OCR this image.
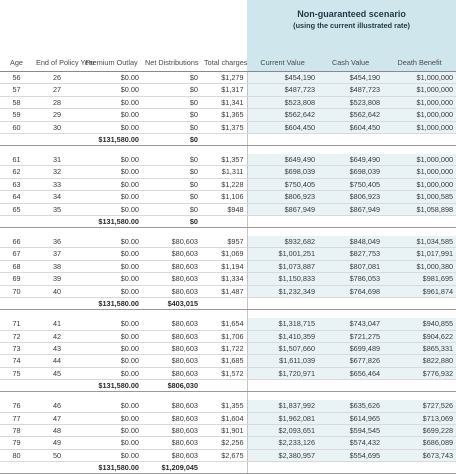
					Non-guaranteed scenario
(using the current illustrated rate)		

Age	End of Policy Year	Premium Outlay	Net Distributions	Total charges	Current Value	Cash Value	Death Benefit
56	26	$0.00	$0	$1,279	$454,190	$454,190	$1,000,000
57	27	$0.00	$0	$1,317	$487,723	$487,723	$1,000,000
58	28	$0.00	$0	$1,341	$523,808	$523,808	$1,000,000
59	29	$0.00	$0	$1,365	$562,642	$562,642	$1,000,000
60	30	$0.00	$0	$1,375	$604,450	$604,450	$1,000,000
		$131,580.00	$0				

61	31	$0.00	$0	$1,357	$649,490	$649,490	$1,000,000
62	32	$0.00	$0	$1,311	$698,039	$698,039	$1,000,000
63	33	$0.00	$0	$1,228	$750,405	$750,405	$1,000,000
64	34	$0.00	$0	$1,106	$806,923	$806,923	$1,000,585
65	35	$0.00	$0	$948	$867,949	$867,949	$1,058,898
		$131,580.00	$0				

66	36	$0.00	$80,603	$957	$932,682	$848,049	$1,034,585
67	37	$0.00	$80,603	$1,069	$1,001,251	$827,753	$1,017,991
68	38	$0.00	$80,603	$1,194	$1,073,887	$807,081	$1,000,380
69	39	$0.00	$80,603	$1,334	$1,150,833	$786,053	$981,695
70	40	$0.00	$80,603	$1,487	$1,232,349	$764,698	$961,874
		$131,580.00	$403,015				

71	41	$0.00	$80,603	$1,654	$1,318,715	$743,047	$940,855
72	42	$0.00	$80,603	$1,706	$1,410,359	$721,275	$904,622
73	43	$0.00	$80,603	$1,722	$1,507,660	$699,489	$865,331
74	44	$0.00	$80,603	$1,685	$1,611,039	$677,826	$822,880
75	45	$0.00	$80,603	$1,572	$1,720,971	$656,464	$776,932
		$131,580.00	$806,030				

76	46	$0.00	$80,603	$1,355	$1,837,992	$635,626	$727,526
77	47	$0.00	$80,603	$1,604	$1,962,081	$614,965	$713,069
78	48	$0.00	$80,603	$1,901	$2,093,651	$594,545	$699,228
79	49	$0.00	$80,603	$2,256	$2,233,126	$574,432	$686,089
80	50	$0.00	$80,603	$2,675	$2,380,957	$554,695	$673,743
		$131,580.00	$1,209,045				
